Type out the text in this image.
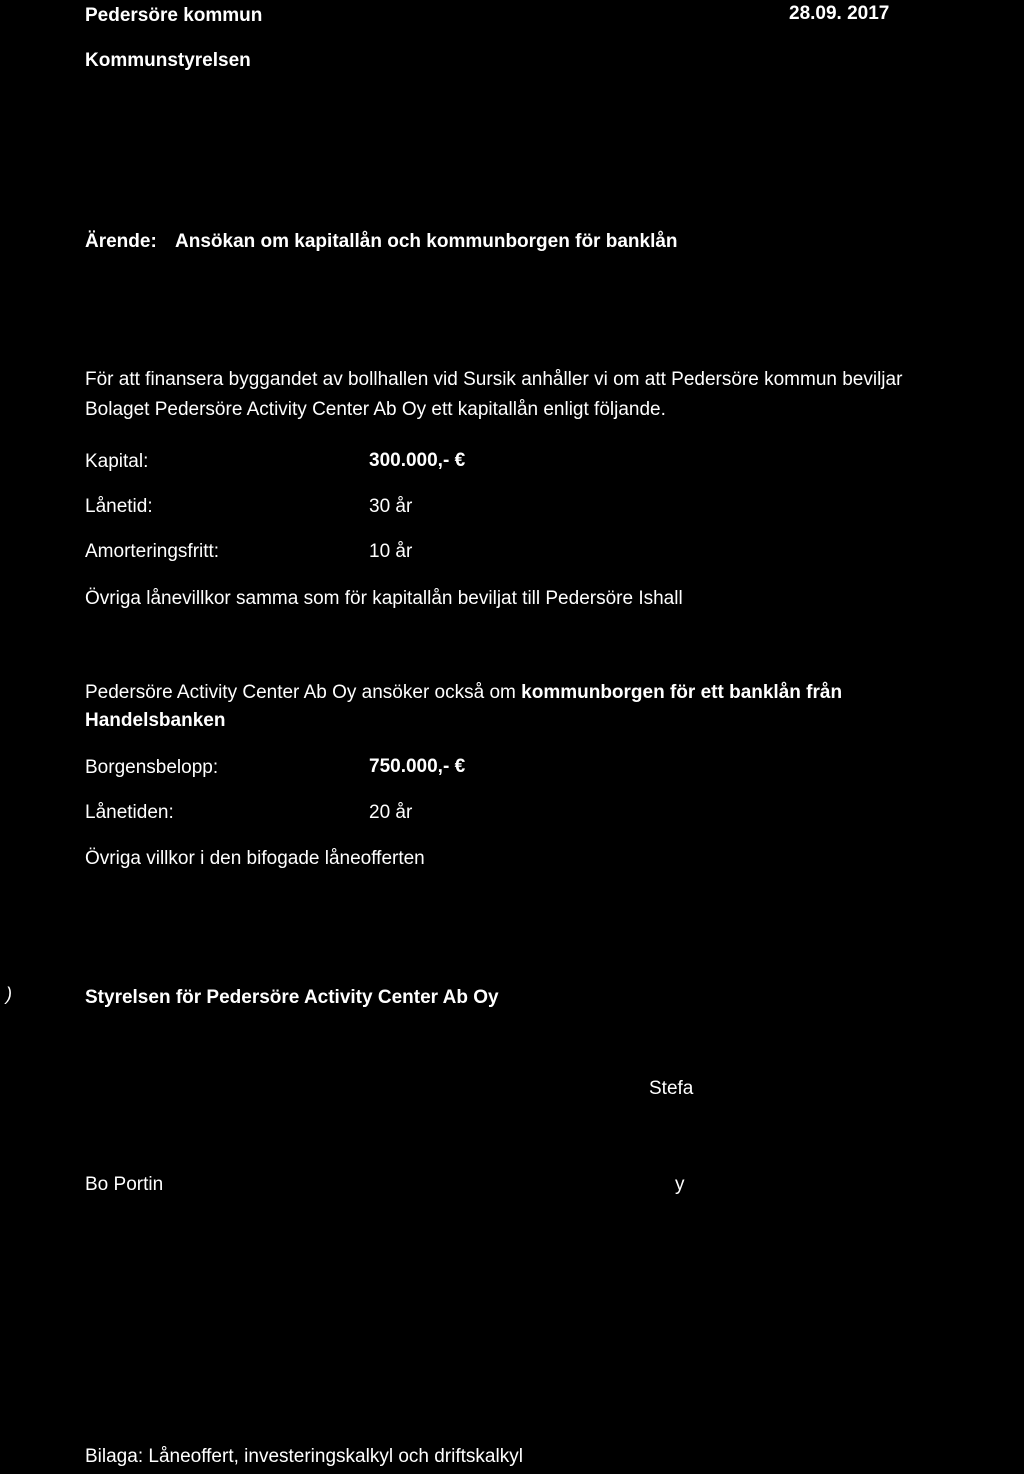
Pedersöre kommun	28.09. 2017
Kommunstyrelsen
Ärende: Ansökan om kapitallån och kommunborgen för banklån
För att finansera byggandet av bollhallen vid Sursik anhåller vi om att Pedersöre kommun beviljar
Bolaget Pedersöre Activity Center Ab Oy ett kapitallån enligt följande.
Kapital:	300.000,- €
Lånetid:	30 år
Amorteringsfritt:	10 år
Övriga lånevillkor samma som för kapitallån beviljat till Pedersöre Ishall
Pedersöre Activity Center Ab Oy ansöker också om kommunborgen för ett banklån från
Handelsbanken
Borgensbelopp:	750.000,- €
Lånetiden:	20 år
Övriga villkor i den bifogade låneofferten
)	Styrelsen för Pedersöre Activity Center Ab Oy
Stefa
Bo Portin	y
Bilaga: Låneoffert, investeringskalkyl och driftskalkyl
